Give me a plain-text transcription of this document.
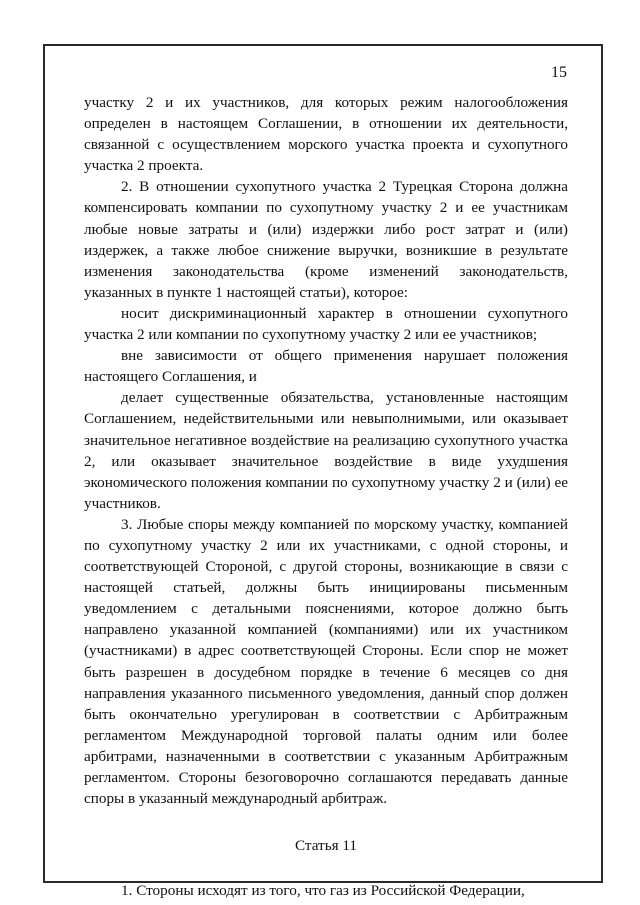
15

участку 2 и их участников, для которых режим налогообложения определен в настоящем Соглашении, в отношении их деятельности, связанной с осуществлением морского участка проекта и сухопутного участка 2 проекта.

2. В отношении сухопутного участка 2 Турецкая Сторона должна компенсировать компании по сухопутному участку 2 и ее участникам любые новые затраты и (или) издержки либо рост затрат и (или) издержек, а также любое снижение выручки, возникшие в результате изменения законодательства (кроме изменений законодательств, указанных в пункте 1 настоящей статьи), которое:

носит дискриминационный характер в отношении сухопутного участка 2 или компании по сухопутному участку 2 или ее участников;

вне зависимости от общего применения нарушает положения настоящего Соглашения, и

делает существенные обязательства, установленные настоящим Соглашением, недействительными или невыполнимыми, или оказывает значительное негативное воздействие на реализацию сухопутного участка 2, или оказывает значительное воздействие в виде ухудшения экономического положения компании по сухопутному участку 2 и (или) ее участников.

3. Любые споры между компанией по морскому участку, компанией по сухопутному участку 2 или их участниками, с одной стороны, и соответствующей Стороной, с другой стороны, возникающие в связи с настоящей статьей, должны быть инициированы письменным уведомлением с детальными пояснениями, которое должно быть направлено указанной компанией (компаниями) или их участником (участниками) в адрес соответствующей Стороны. Если спор не может быть разрешен в досудебном порядке в течение 6 месяцев со дня направления указанного письменного уведомления, данный спор должен быть окончательно урегулирован в соответствии с Арбитражным регламентом Международной торговой палаты одним или более арбитрами, назначенными в соответствии с указанным Арбитражным регламентом. Стороны безоговорочно соглашаются передавать данные споры в указанный международный арбитраж.

Статья 11

1. Стороны исходят из того, что газ из Российской Федерации,
